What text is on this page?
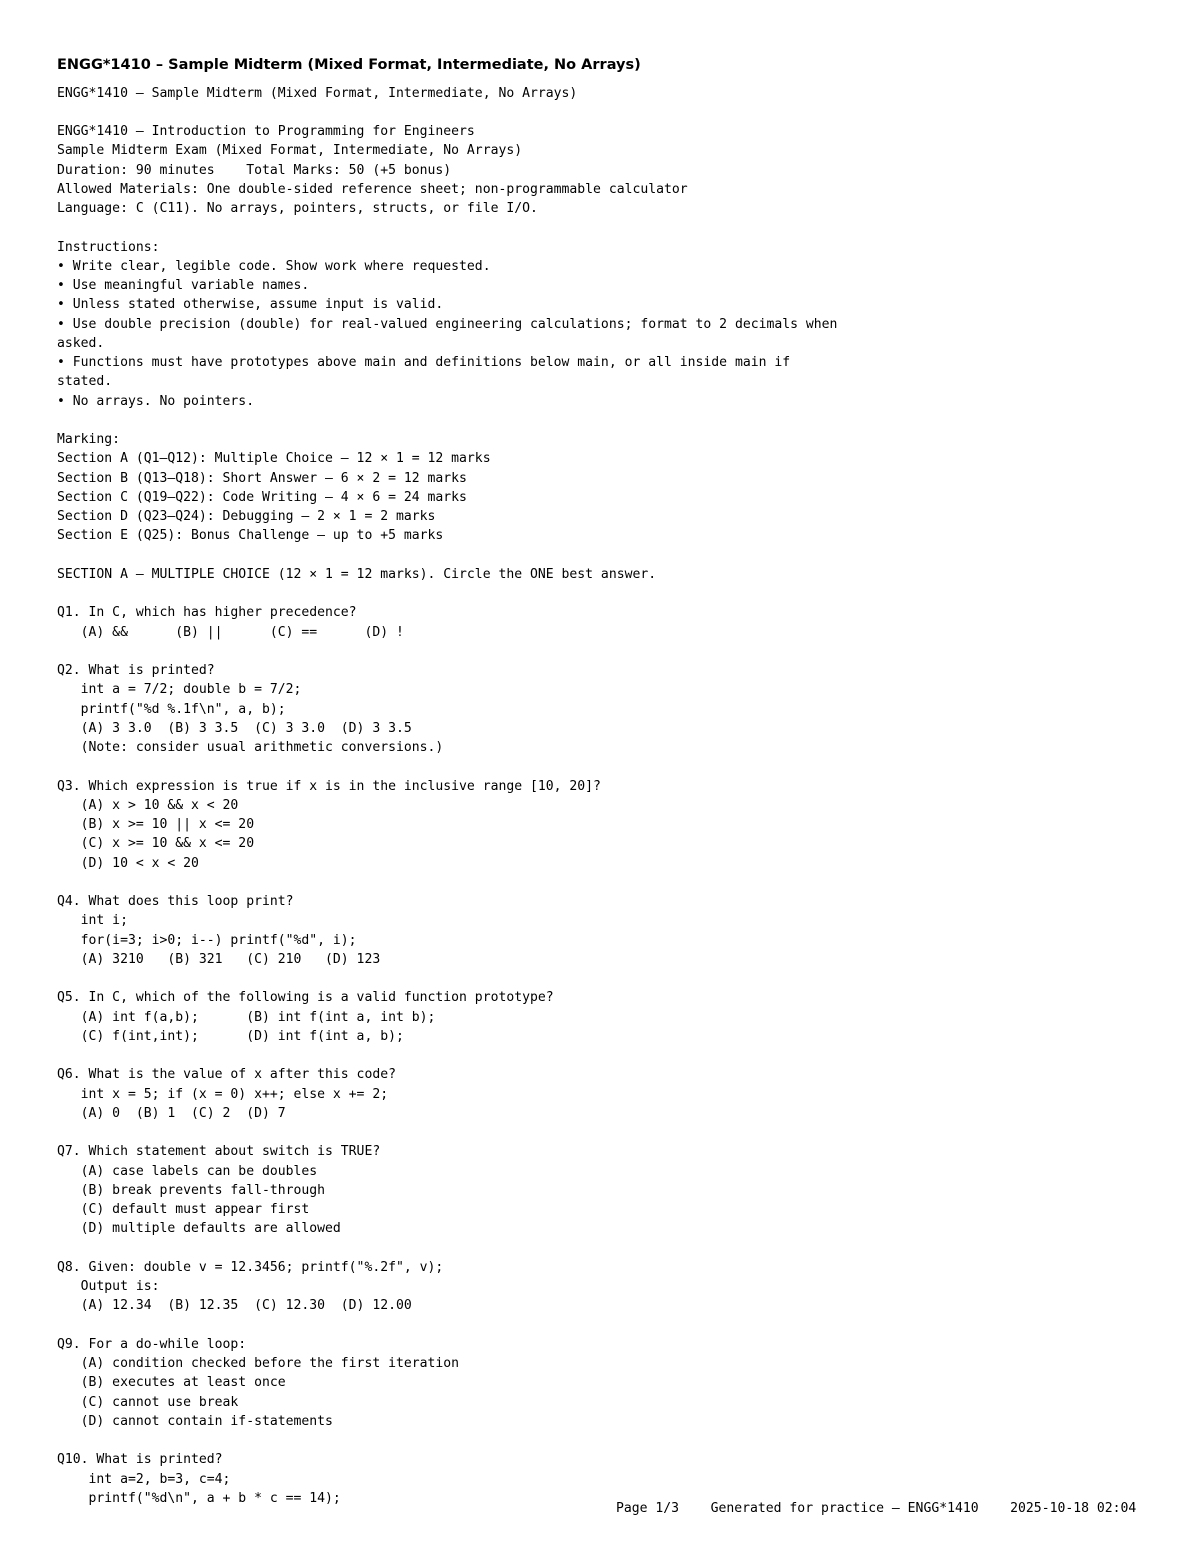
ENGG*1410 – Sample Midterm (Mixed Format, Intermediate, No Arrays)
ENGG*1410 — Sample Midterm (Mixed Format, Intermediate, No Arrays)
ENGG*1410 — Introduction to Programming for Engineers
Sample Midterm Exam (Mixed Format, Intermediate, No Arrays)
Duration: 90 minutes    Total Marks: 50 (+5 bonus)
Allowed Materials: One double-sided reference sheet; non-programmable calculator
Language: C (C11). No arrays, pointers, structs, or file I/O.
Instructions:
• Write clear, legible code. Show work where requested.
• Use meaningful variable names.
• Unless stated otherwise, assume input is valid.
• Use double precision (double) for real-valued engineering calculations; format to 2 decimals when
asked.
• Functions must have prototypes above main and definitions below main, or all inside main if
stated.
• No arrays. No pointers.
Marking:
Section A (Q1–Q12): Multiple Choice — 12 × 1 = 12 marks
Section B (Q13–Q18): Short Answer — 6 × 2 = 12 marks
Section C (Q19–Q22): Code Writing — 4 × 6 = 24 marks
Section D (Q23–Q24): Debugging — 2 × 1 = 2 marks
Section E (Q25): Bonus Challenge — up to +5 marks
SECTION A — MULTIPLE CHOICE (12 × 1 = 12 marks). Circle the ONE best answer.
Q1. In C, which has higher precedence?
(A) &&      (B) ||      (C) ==      (D) !
Q2. What is printed?
int a = 7/2; double b = 7/2;
printf("%d %.1f\n", a, b);
(A) 3 3.0  (B) 3 3.5  (C) 3 3.0  (D) 3 3.5
(Note: consider usual arithmetic conversions.)
Q3. Which expression is true if x is in the inclusive range [10, 20]?
(A) x > 10 && x < 20
(B) x >= 10 || x <= 20
(C) x >= 10 && x <= 20
(D) 10 < x < 20
Q4. What does this loop print?
int i;
for(i=3; i>0; i--) printf("%d", i);
(A) 3210   (B) 321   (C) 210   (D) 123
Q5. In C, which of the following is a valid function prototype?
(A) int f(a,b);      (B) int f(int a, int b);
(C) f(int,int);      (D) int f(int a, b);
Q6. What is the value of x after this code?
int x = 5; if (x = 0) x++; else x += 2;
(A) 0  (B) 1  (C) 2  (D) 7
Q7. Which statement about switch is TRUE?
(A) case labels can be doubles
(B) break prevents fall-through
(C) default must appear first
(D) multiple defaults are allowed
Q8. Given: double v = 12.3456; printf("%.2f", v);
Output is:
(A) 12.34  (B) 12.35  (C) 12.30  (D) 12.00
Q9. For a do-while loop:
(A) condition checked before the first iteration
(B) executes at least once
(C) cannot use break
(D) cannot contain if-statements
Q10. What is printed?
int a=2, b=3, c=4;
printf("%d\n", a + b * c == 14);
Page 1/3    Generated for practice — ENGG*1410    2025-10-18 02:04
